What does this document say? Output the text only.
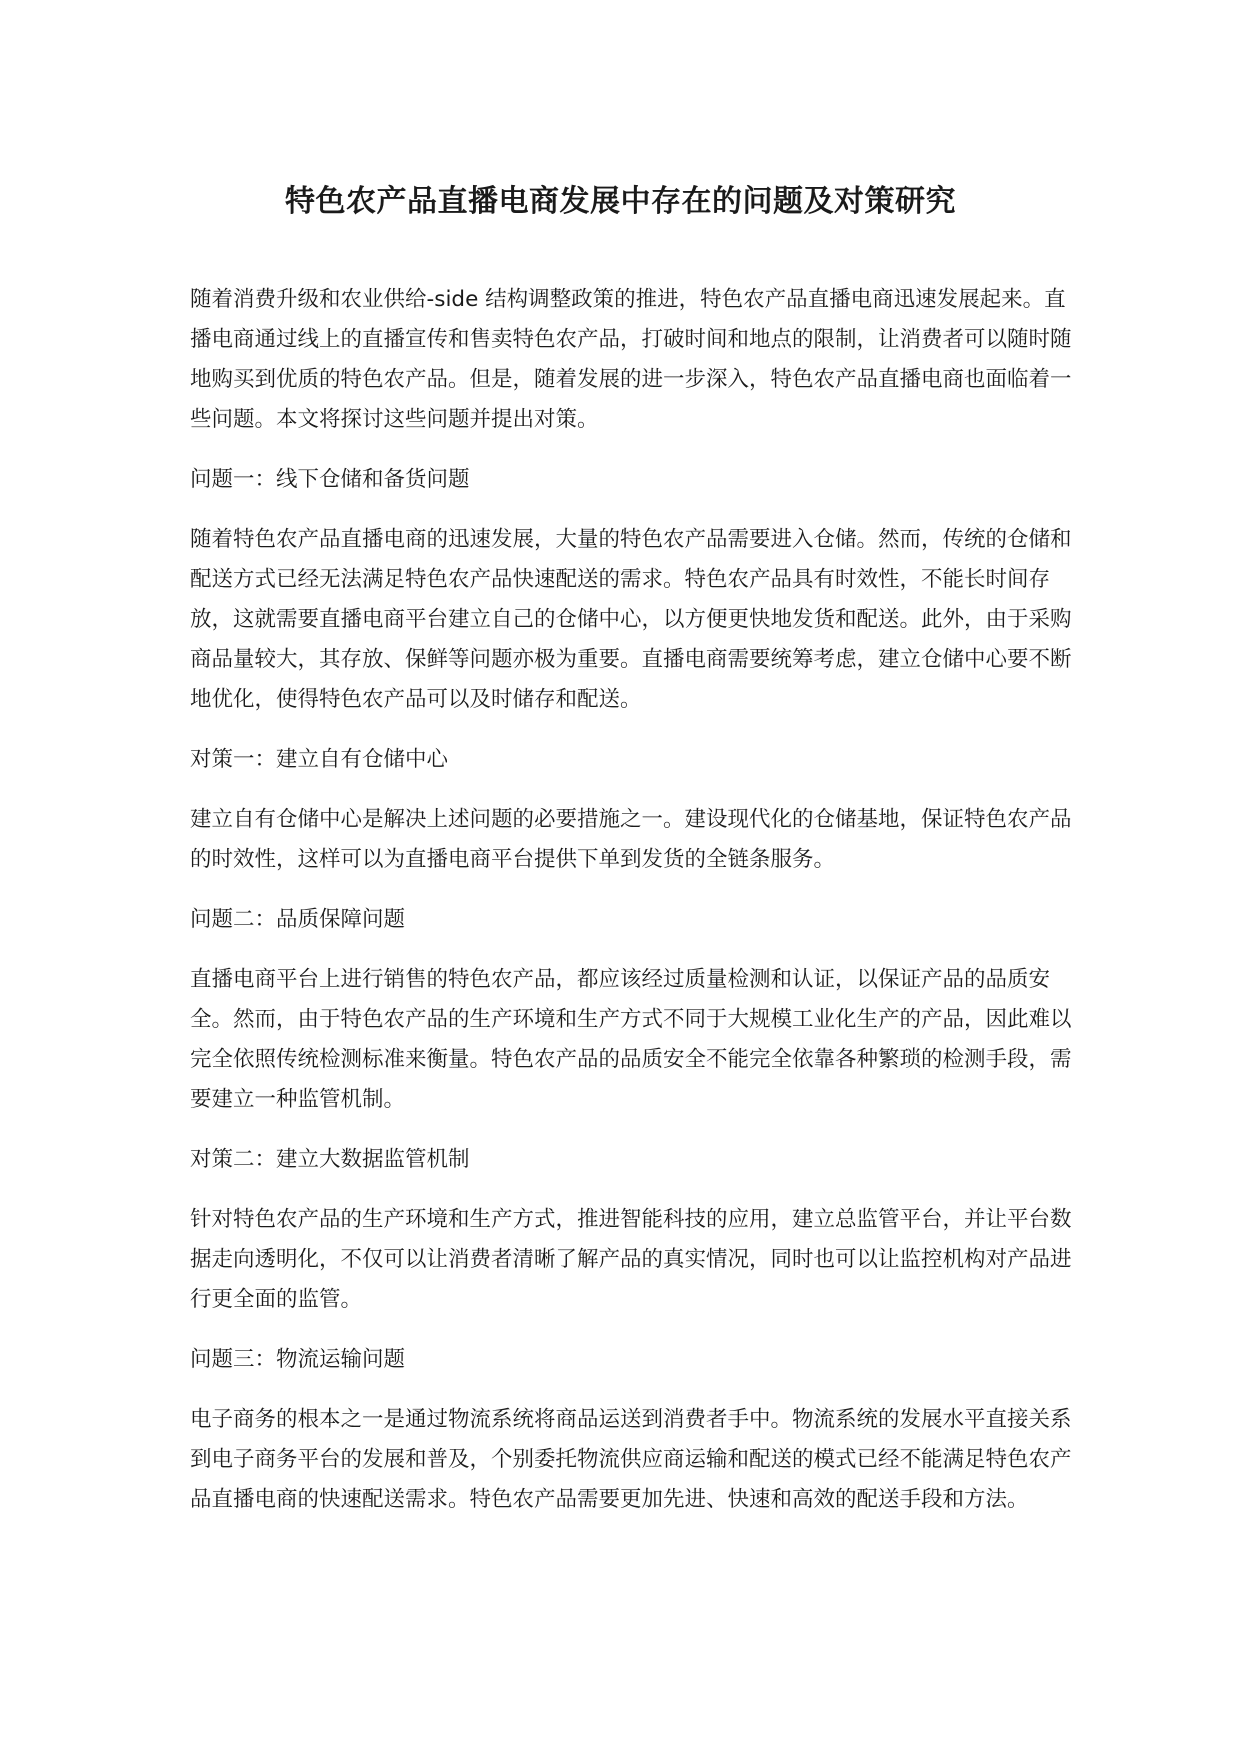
特色农产品直播电商发展中存在的问题及对策研究

随着消费升级和农业供给-side 结构调整政策的推进，特色农产品直播电商迅速发展起来。直播电商通过线上的直播宣传和售卖特色农产品，打破时间和地点的限制，让消费者可以随时随地购买到优质的特色农产品。但是，随着发展的进一步深入，特色农产品直播电商也面临着一些问题。本文将探讨这些问题并提出对策。

问题一：线下仓储和备货问题

随着特色农产品直播电商的迅速发展，大量的特色农产品需要进入仓储。然而，传统的仓储和配送方式已经无法满足特色农产品快速配送的需求。特色农产品具有时效性，不能长时间存放，这就需要直播电商平台建立自己的仓储中心，以方便更快地发货和配送。此外，由于采购商品量较大，其存放、保鲜等问题亦极为重要。直播电商需要统筹考虑，建立仓储中心要不断地优化，使得特色农产品可以及时储存和配送。

对策一：建立自有仓储中心

建立自有仓储中心是解决上述问题的必要措施之一。建设现代化的仓储基地，保证特色农产品的时效性，这样可以为直播电商平台提供下单到发货的全链条服务。

问题二：品质保障问题

直播电商平台上进行销售的特色农产品，都应该经过质量检测和认证，以保证产品的品质安全。然而，由于特色农产品的生产环境和生产方式不同于大规模工业化生产的产品，因此难以完全依照传统检测标准来衡量。特色农产品的品质安全不能完全依靠各种繁琐的检测手段，需要建立一种监管机制。

对策二：建立大数据监管机制

针对特色农产品的生产环境和生产方式，推进智能科技的应用，建立总监管平台，并让平台数据走向透明化，不仅可以让消费者清晰了解产品的真实情况，同时也可以让监控机构对产品进行更全面的监管。

问题三：物流运输问题

电子商务的根本之一是通过物流系统将商品运送到消费者手中。物流系统的发展水平直接关系到电子商务平台的发展和普及，个别委托物流供应商运输和配送的模式已经不能满足特色农产品直播电商的快速配送需求。特色农产品需要更加先进、快速和高效的配送手段和方法。
